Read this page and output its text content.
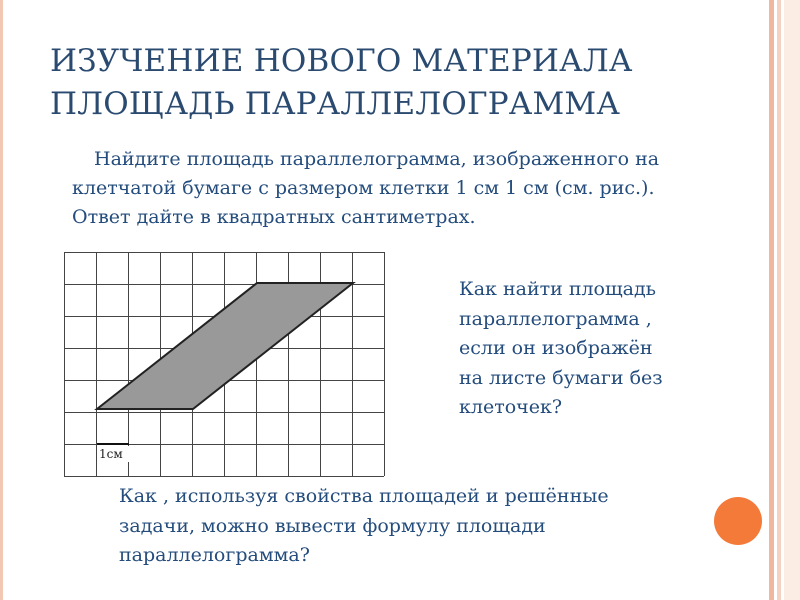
ИЗУЧЕНИЕ НОВОГО МАТЕРИАЛА
ПЛОЩАДЬ ПАРАЛЛЕЛОГРАММА
Найдите площадь параллелограмма, изображенного на
клетчатой бумаге с размером клетки 1 см 1 см (см. рис.).
Ответ дайте в квадратных сантиметрах.
1см
Как найти площадь
параллелограмма ,
если он изображён
на листе бумаги без
клеточек?
Как , используя свойства площадей и решённые
задачи, можно вывести формулу площади
параллелограмма?
